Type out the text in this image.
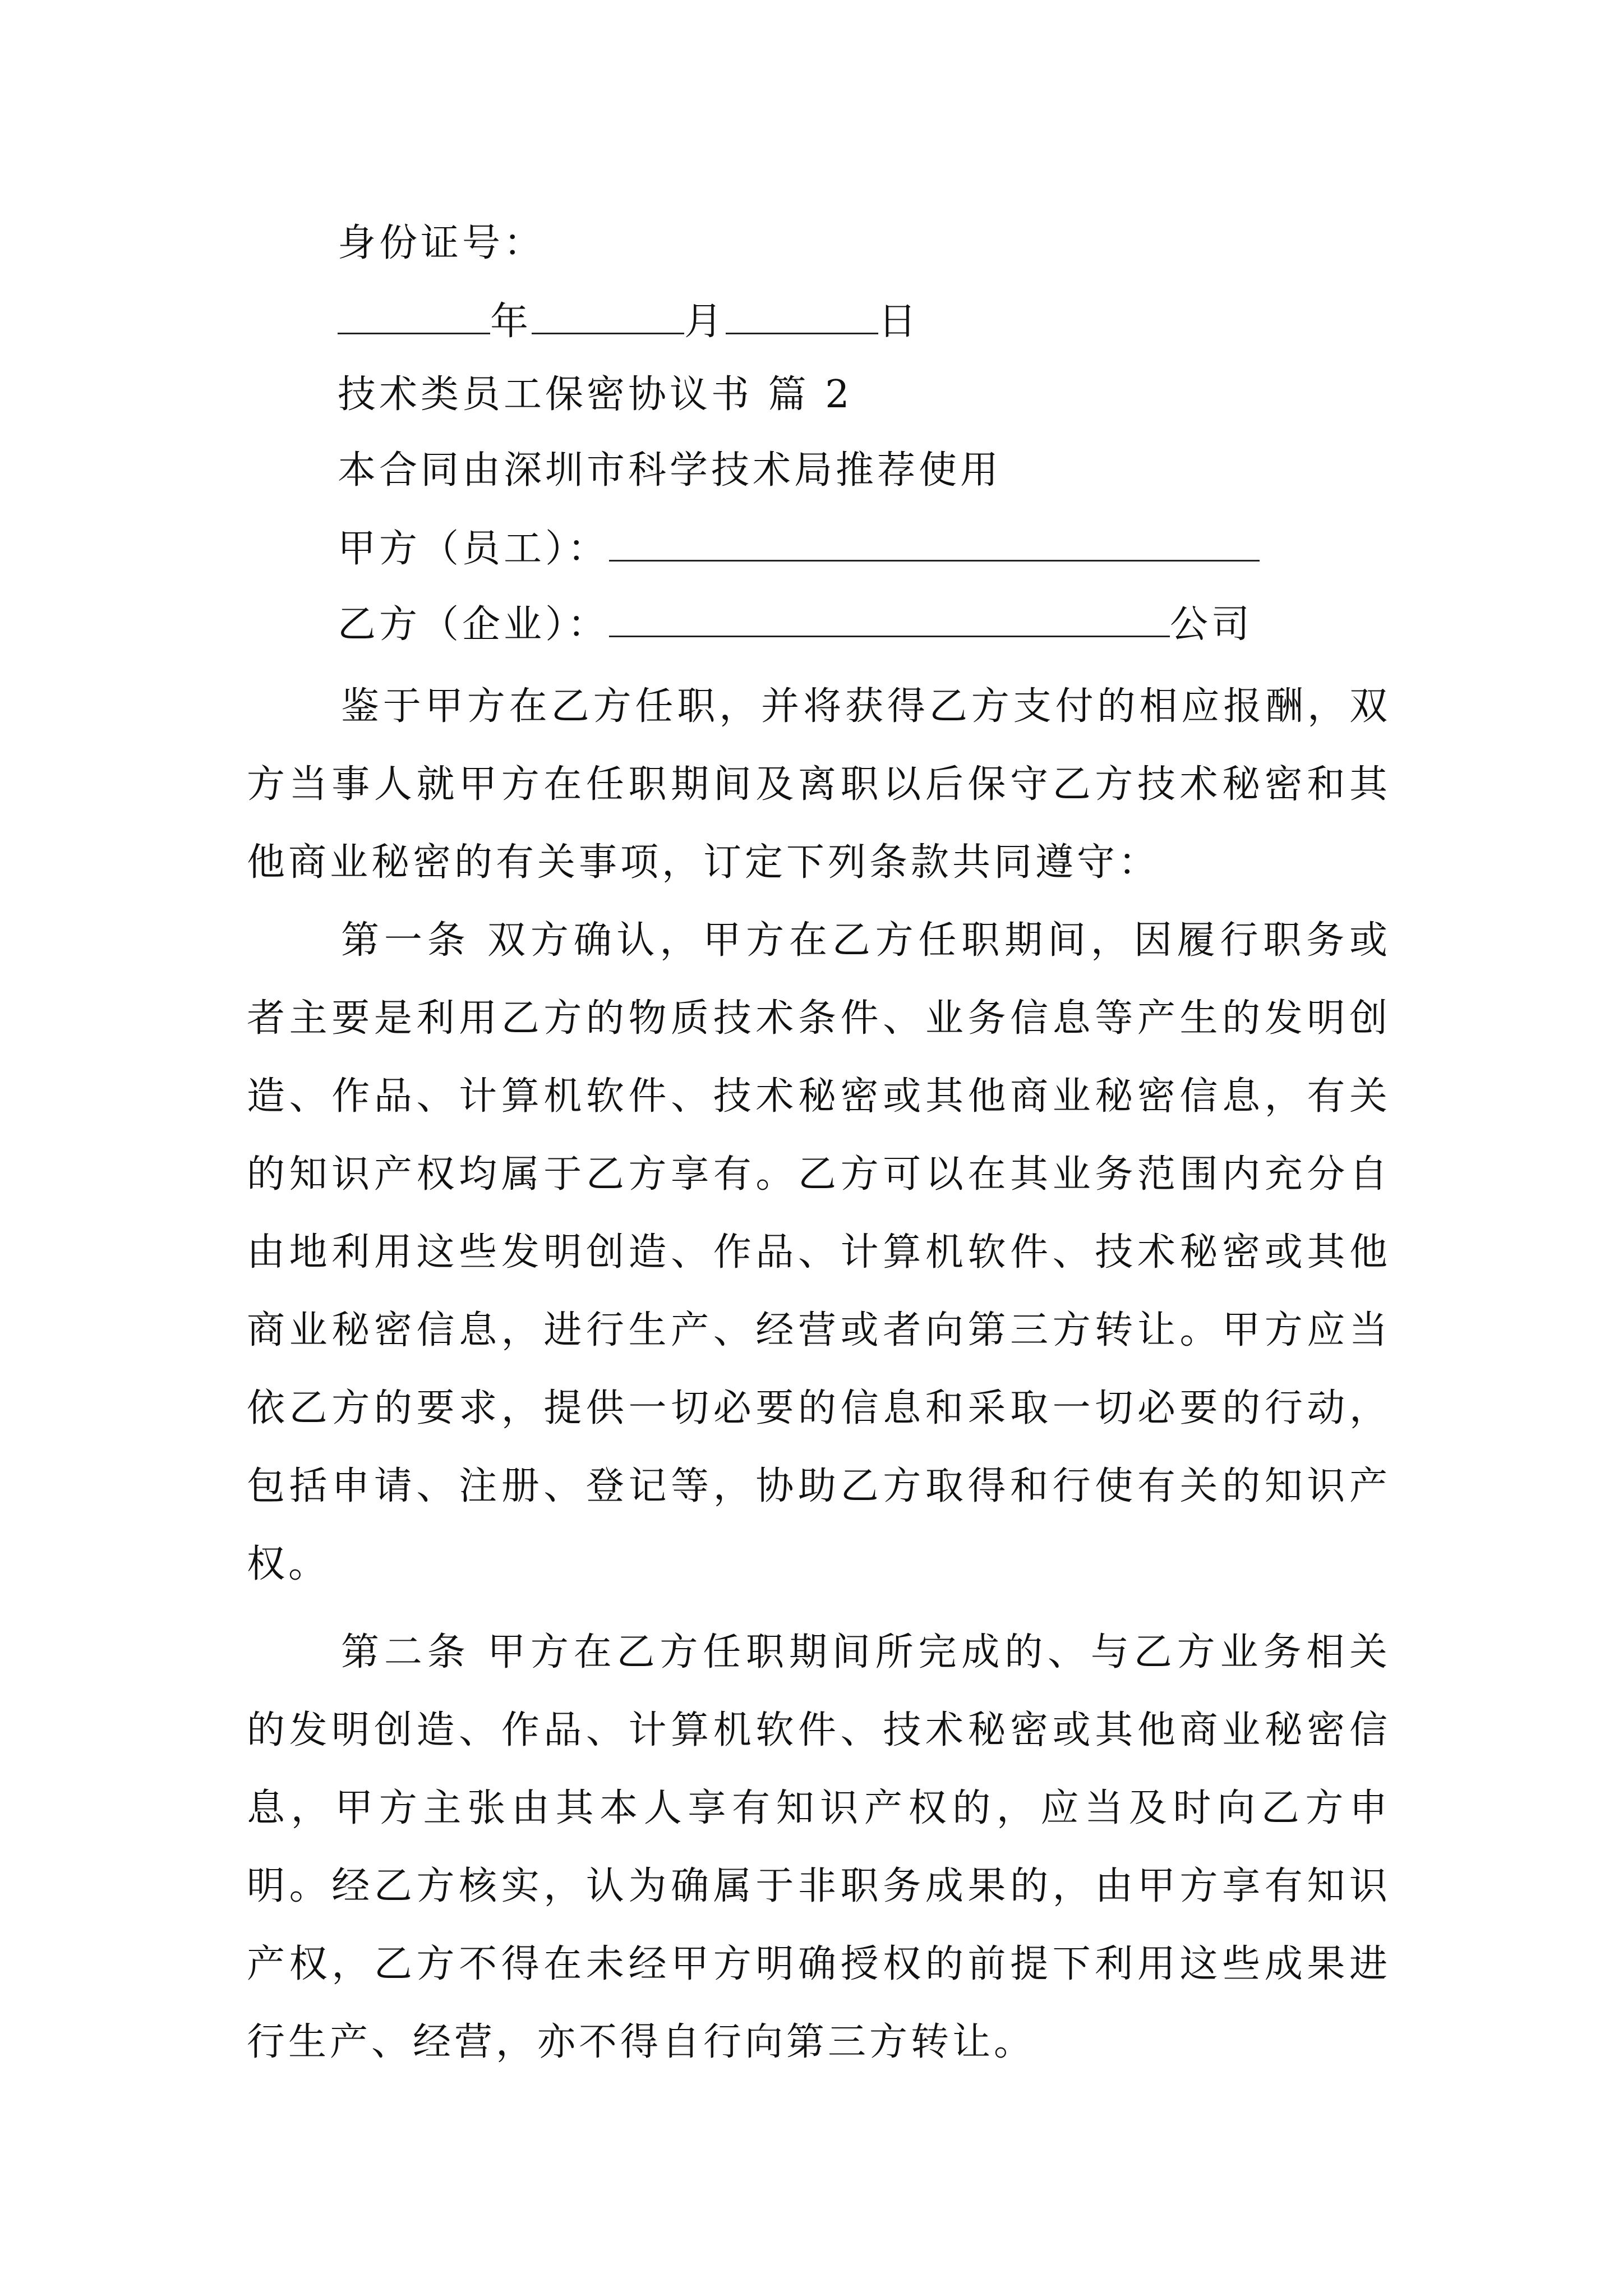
身份证号：
年	月	日
技术类员工保密协议书 篇 2
本合同由深圳市科学技术局推荐使用
甲方（员工）：
乙方（企业）：	公司

鉴于甲方在乙方任职，并将获得乙方支付的相应报酬，双方当事人就甲方在任职期间及离职以后保守乙方技术秘密和其他商业秘密的有关事项，订定下列条款共同遵守：

第一条 双方确认，甲方在乙方任职期间，因履行职务或者主要是利用乙方的物质技术条件、业务信息等产生的发明创造、作品、计算机软件、技术秘密或其他商业秘密信息，有关的知识产权均属于乙方享有。乙方可以在其业务范围内充分自由地利用这些发明创造、作品、计算机软件、技术秘密或其他商业秘密信息，进行生产、经营或者向第三方转让。甲方应当依乙方的要求，提供一切必要的信息和采取一切必要的行动，包括申请、注册、登记等，协助乙方取得和行使有关的知识产权。

第二条 甲方在乙方任职期间所完成的、与乙方业务相关的发明创造、作品、计算机软件、技术秘密或其他商业秘密信息，甲方主张由其本人享有知识产权的，应当及时向乙方申明。经乙方核实，认为确属于非职务成果的，由甲方享有知识产权，乙方不得在未经甲方明确授权的前提下利用这些成果进行生产、经营，亦不得自行向第三方转让。
